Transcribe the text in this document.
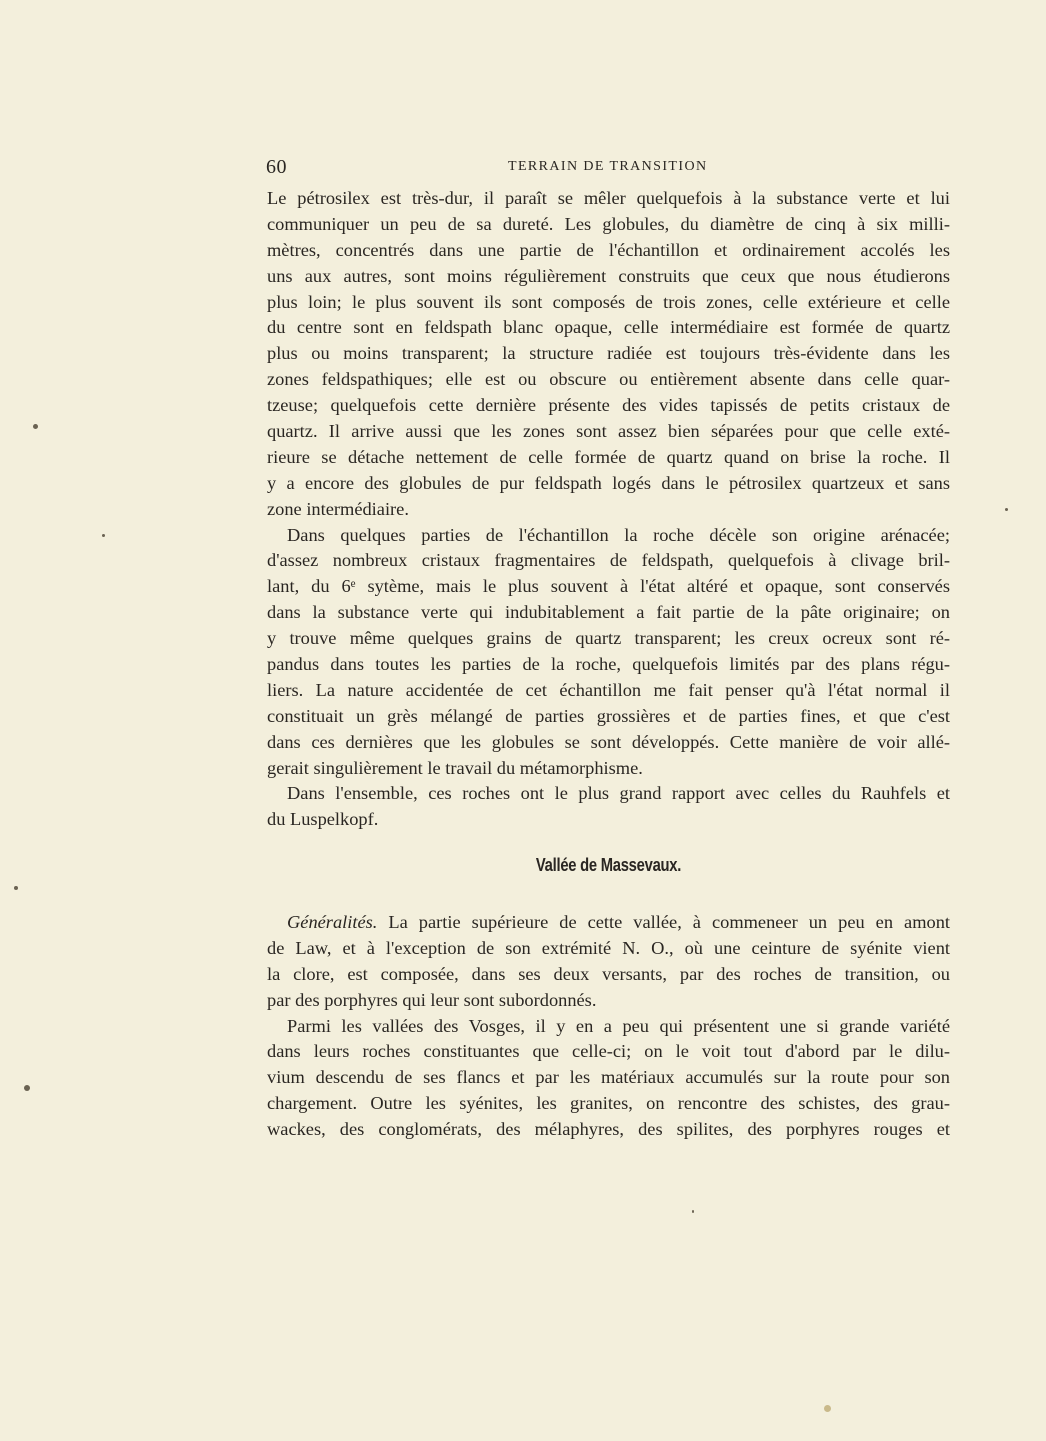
60	TERRAIN DE TRANSITION
Le pétrosilex est très-dur, il paraît se mêler quelquefois à la substance verte et lui
communiquer un peu de sa dureté. Les globules, du diamètre de cinq à six milli-
mètres, concentrés dans une partie de l'échantillon et ordinairement accolés les
uns aux autres, sont moins régulièrement construits que ceux que nous étudierons
plus loin; le plus souvent ils sont composés de trois zones, celle extérieure et celle
du centre sont en feldspath blanc opaque, celle intermédiaire est formée de quartz
plus ou moins transparent; la structure radiée est toujours très-évidente dans les
zones feldspathiques; elle est ou obscure ou entièrement absente dans celle quar-
tzeuse; quelquefois cette dernière présente des vides tapissés de petits cristaux de
quartz. Il arrive aussi que les zones sont assez bien séparées pour que celle exté-
rieure se détache nettement de celle formée de quartz quand on brise la roche. Il
y a encore des globules de pur feldspath logés dans le pétrosilex quartzeux et sans
zone intermédiaire.
Dans quelques parties de l'échantillon la roche décèle son origine arénacée;
d'assez nombreux cristaux fragmentaires de feldspath, quelquefois à clivage bril-
lant, du 6ᵉ sytème, mais le plus souvent à l'état altéré et opaque, sont conservés
dans la substance verte qui indubitablement a fait partie de la pâte originaire; on
y trouve même quelques grains de quartz transparent; les creux ocreux sont ré-
pandus dans toutes les parties de la roche, quelquefois limités par des plans régu-
liers. La nature accidentée de cet échantillon me fait penser qu'à l'état normal il
constituait un grès mélangé de parties grossières et de parties fines, et que c'est
dans ces dernières que les globules se sont développés. Cette manière de voir allé-
gerait singulièrement le travail du métamorphisme.
Dans l'ensemble, ces roches ont le plus grand rapport avec celles du Rauhfels et
du Luspelkopf.
Vallée de Massevaux.
Généralités. La partie supérieure de cette vallée, à commeneer un peu en amont
de Law, et à l'exception de son extrémité N. O., où une ceinture de syénite vient
la clore, est composée, dans ses deux versants, par des roches de transition, ou
par des porphyres qui leur sont subordonnés.
Parmi les vallées des Vosges, il y en a peu qui présentent une si grande variété
dans leurs roches constituantes que celle-ci; on le voit tout d'abord par le dilu-
vium descendu de ses flancs et par les matériaux accumulés sur la route pour son
chargement. Outre les syénites, les granites, on rencontre des schistes, des grau-
wackes, des conglomérats, des mélaphyres, des spilites, des porphyres rouges et
